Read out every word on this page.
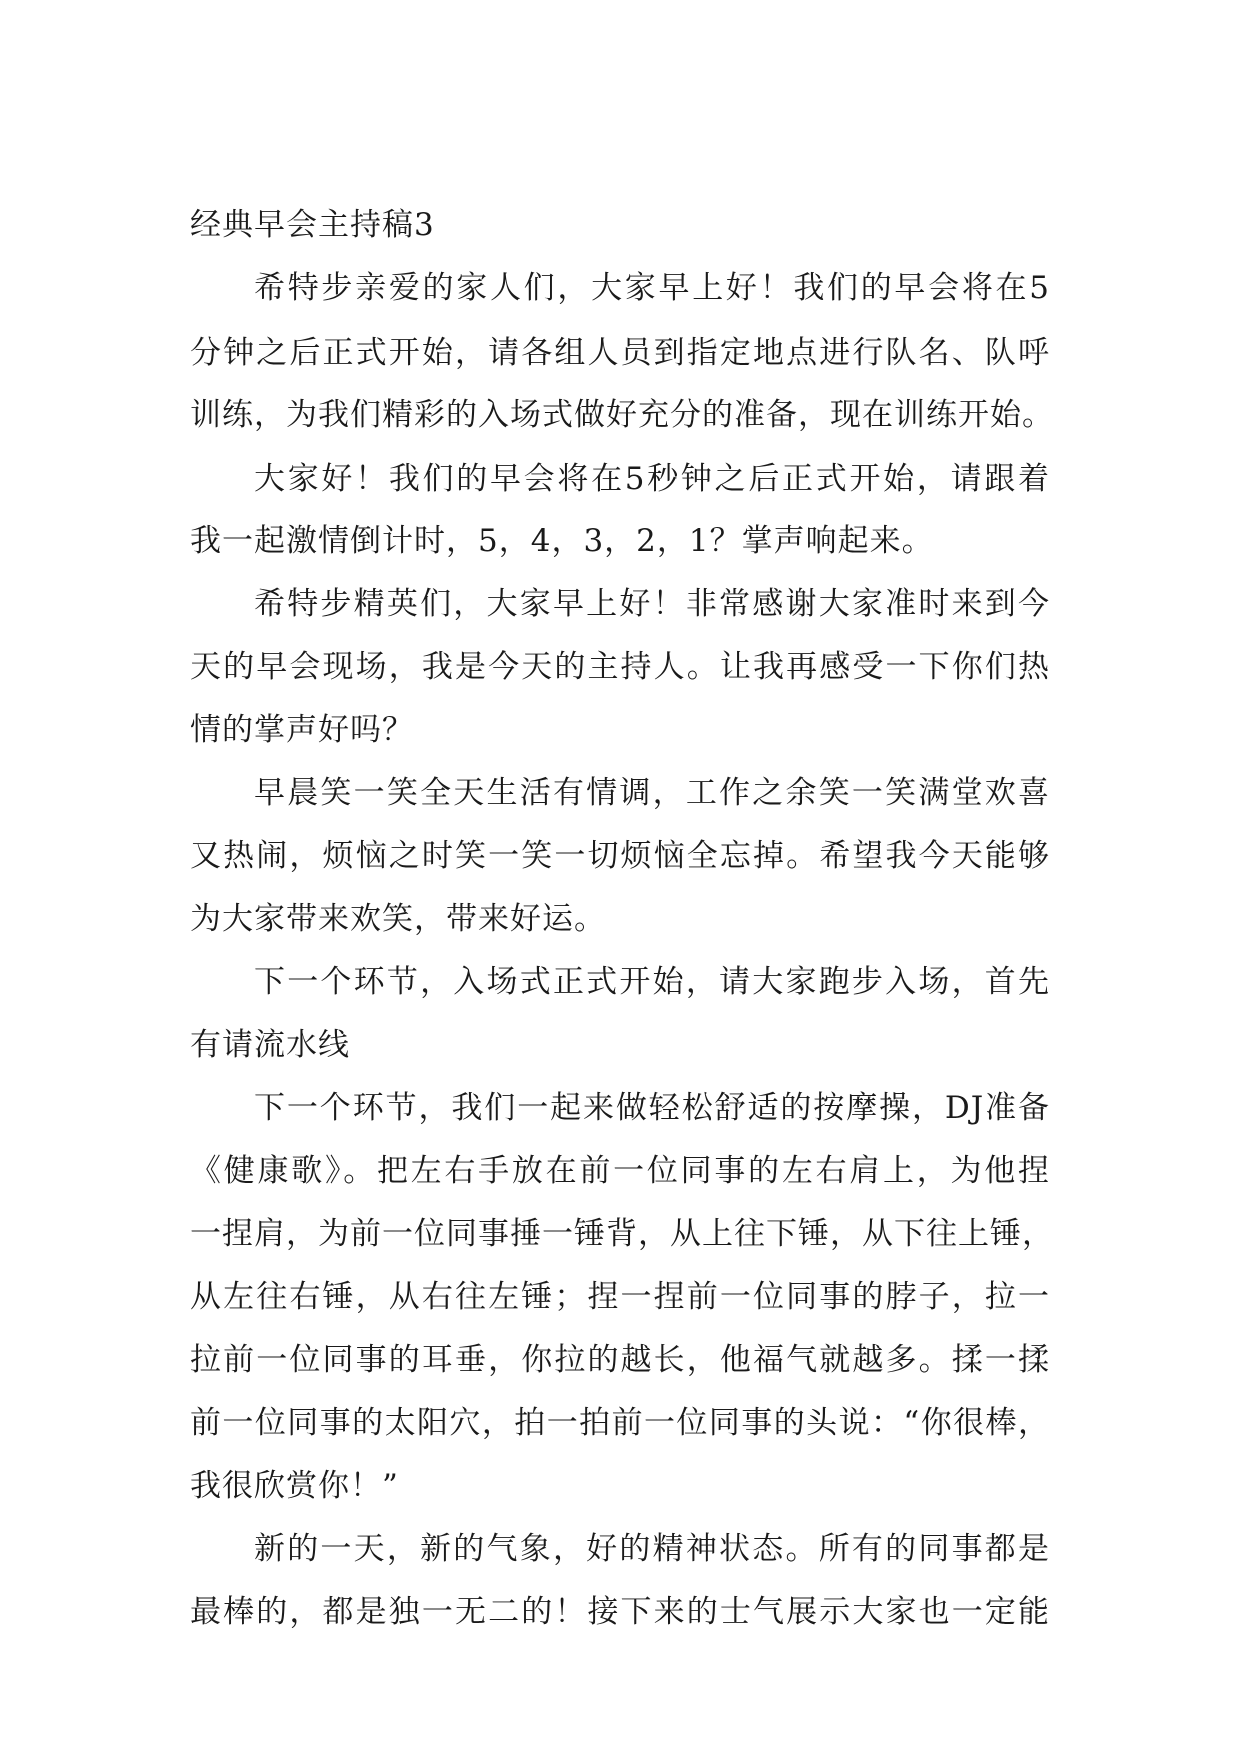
经典早会主持稿3
希特步亲爱的家人们，大家早上好！我们的早会将在5
分钟之后正式开始，请各组人员到指定地点进行队名、队呼
训练，为我们精彩的入场式做好充分的准备，现在训练开始。
大家好！我们的早会将在5秒钟之后正式开始，请跟着
我一起激情倒计时，5，4，3，2，1？掌声响起来。
希特步精英们，大家早上好！非常感谢大家准时来到今
天的早会现场，我是今天的主持人。让我再感受一下你们热
情的掌声好吗？
早晨笑一笑全天生活有情调，工作之余笑一笑满堂欢喜
又热闹，烦恼之时笑一笑一切烦恼全忘掉。希望我今天能够
为大家带来欢笑，带来好运。
下一个环节，入场式正式开始，请大家跑步入场，首先
有请流水线
下一个环节，我们一起来做轻松舒适的按摩操，DJ准备
《健康歌》。把左右手放在前一位同事的左右肩上，为他捏
一捏肩，为前一位同事捶一锤背，从上往下锤，从下往上锤，
从左往右锤，从右往左锤；捏一捏前一位同事的脖子，拉一
拉前一位同事的耳垂，你拉的越长，他福气就越多。揉一揉
前一位同事的太阳穴，拍一拍前一位同事的头说：“你很棒，
我很欣赏你！”
新的一天，新的气象，好的精神状态。所有的同事都是
最棒的，都是独一无二的！接下来的士气展示大家也一定能
